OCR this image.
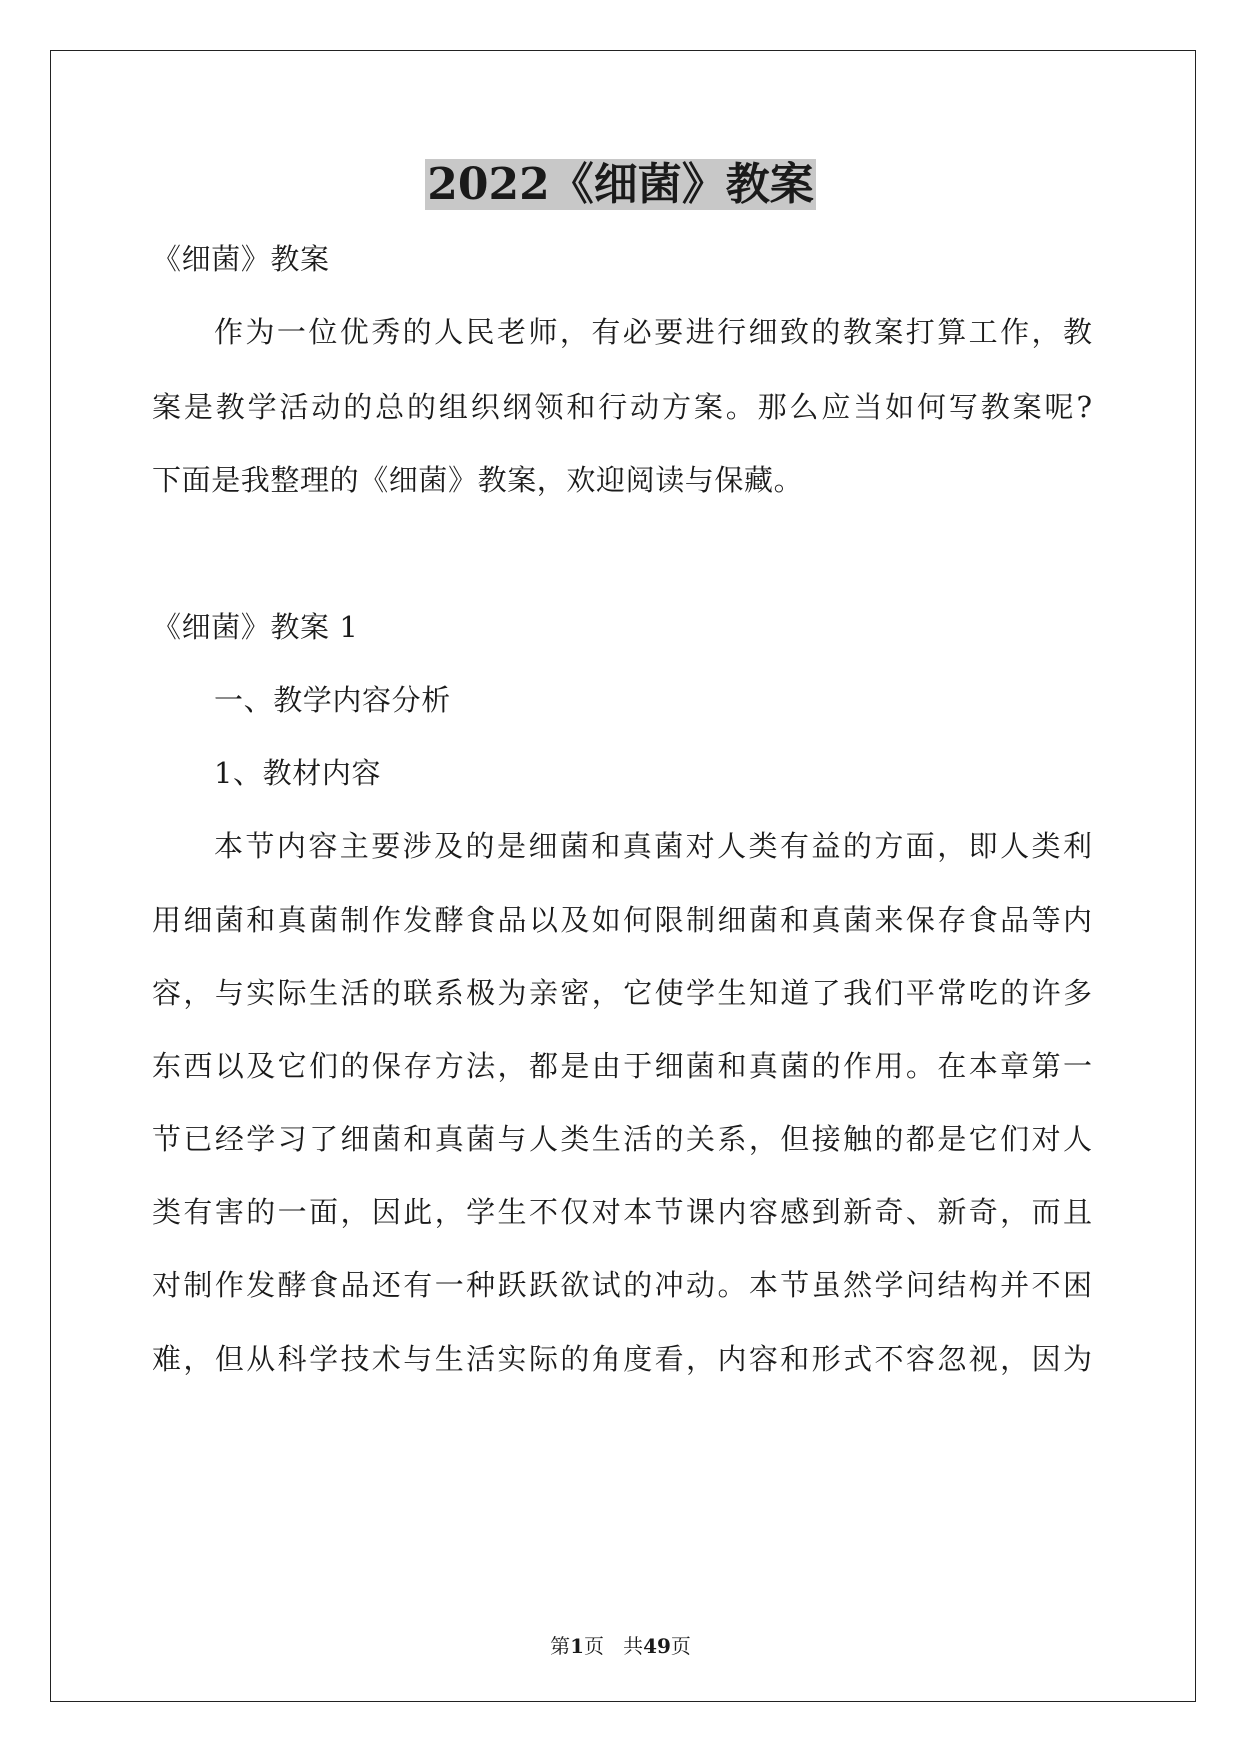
2022《细菌》教案

《细菌》教案

作为一位优秀的人民老师，有必要进行细致的教案打算工作，教

案是教学活动的总的组织纲领和行动方案。那么应当如何写教案呢?

下面是我整理的《细菌》教案，欢迎阅读与保藏。

《细菌》教案 1

一、教学内容分析

1、教材内容

本节内容主要涉及的是细菌和真菌对人类有益的方面，即人类利

用细菌和真菌制作发酵食品以及如何限制细菌和真菌来保存食品等内

容，与实际生活的联系极为亲密，它使学生知道了我们平常吃的许多

东西以及它们的保存方法，都是由于细菌和真菌的作用。在本章第一

节已经学习了细菌和真菌与人类生活的关系，但接触的都是它们对人

类有害的一面，因此，学生不仅对本节课内容感到新奇、新奇，而且

对制作发酵食品还有一种跃跃欲试的冲动。本节虽然学问结构并不困

难，但从科学技术与生活实际的角度看，内容和形式不容忽视，因为

第1页 共49页
